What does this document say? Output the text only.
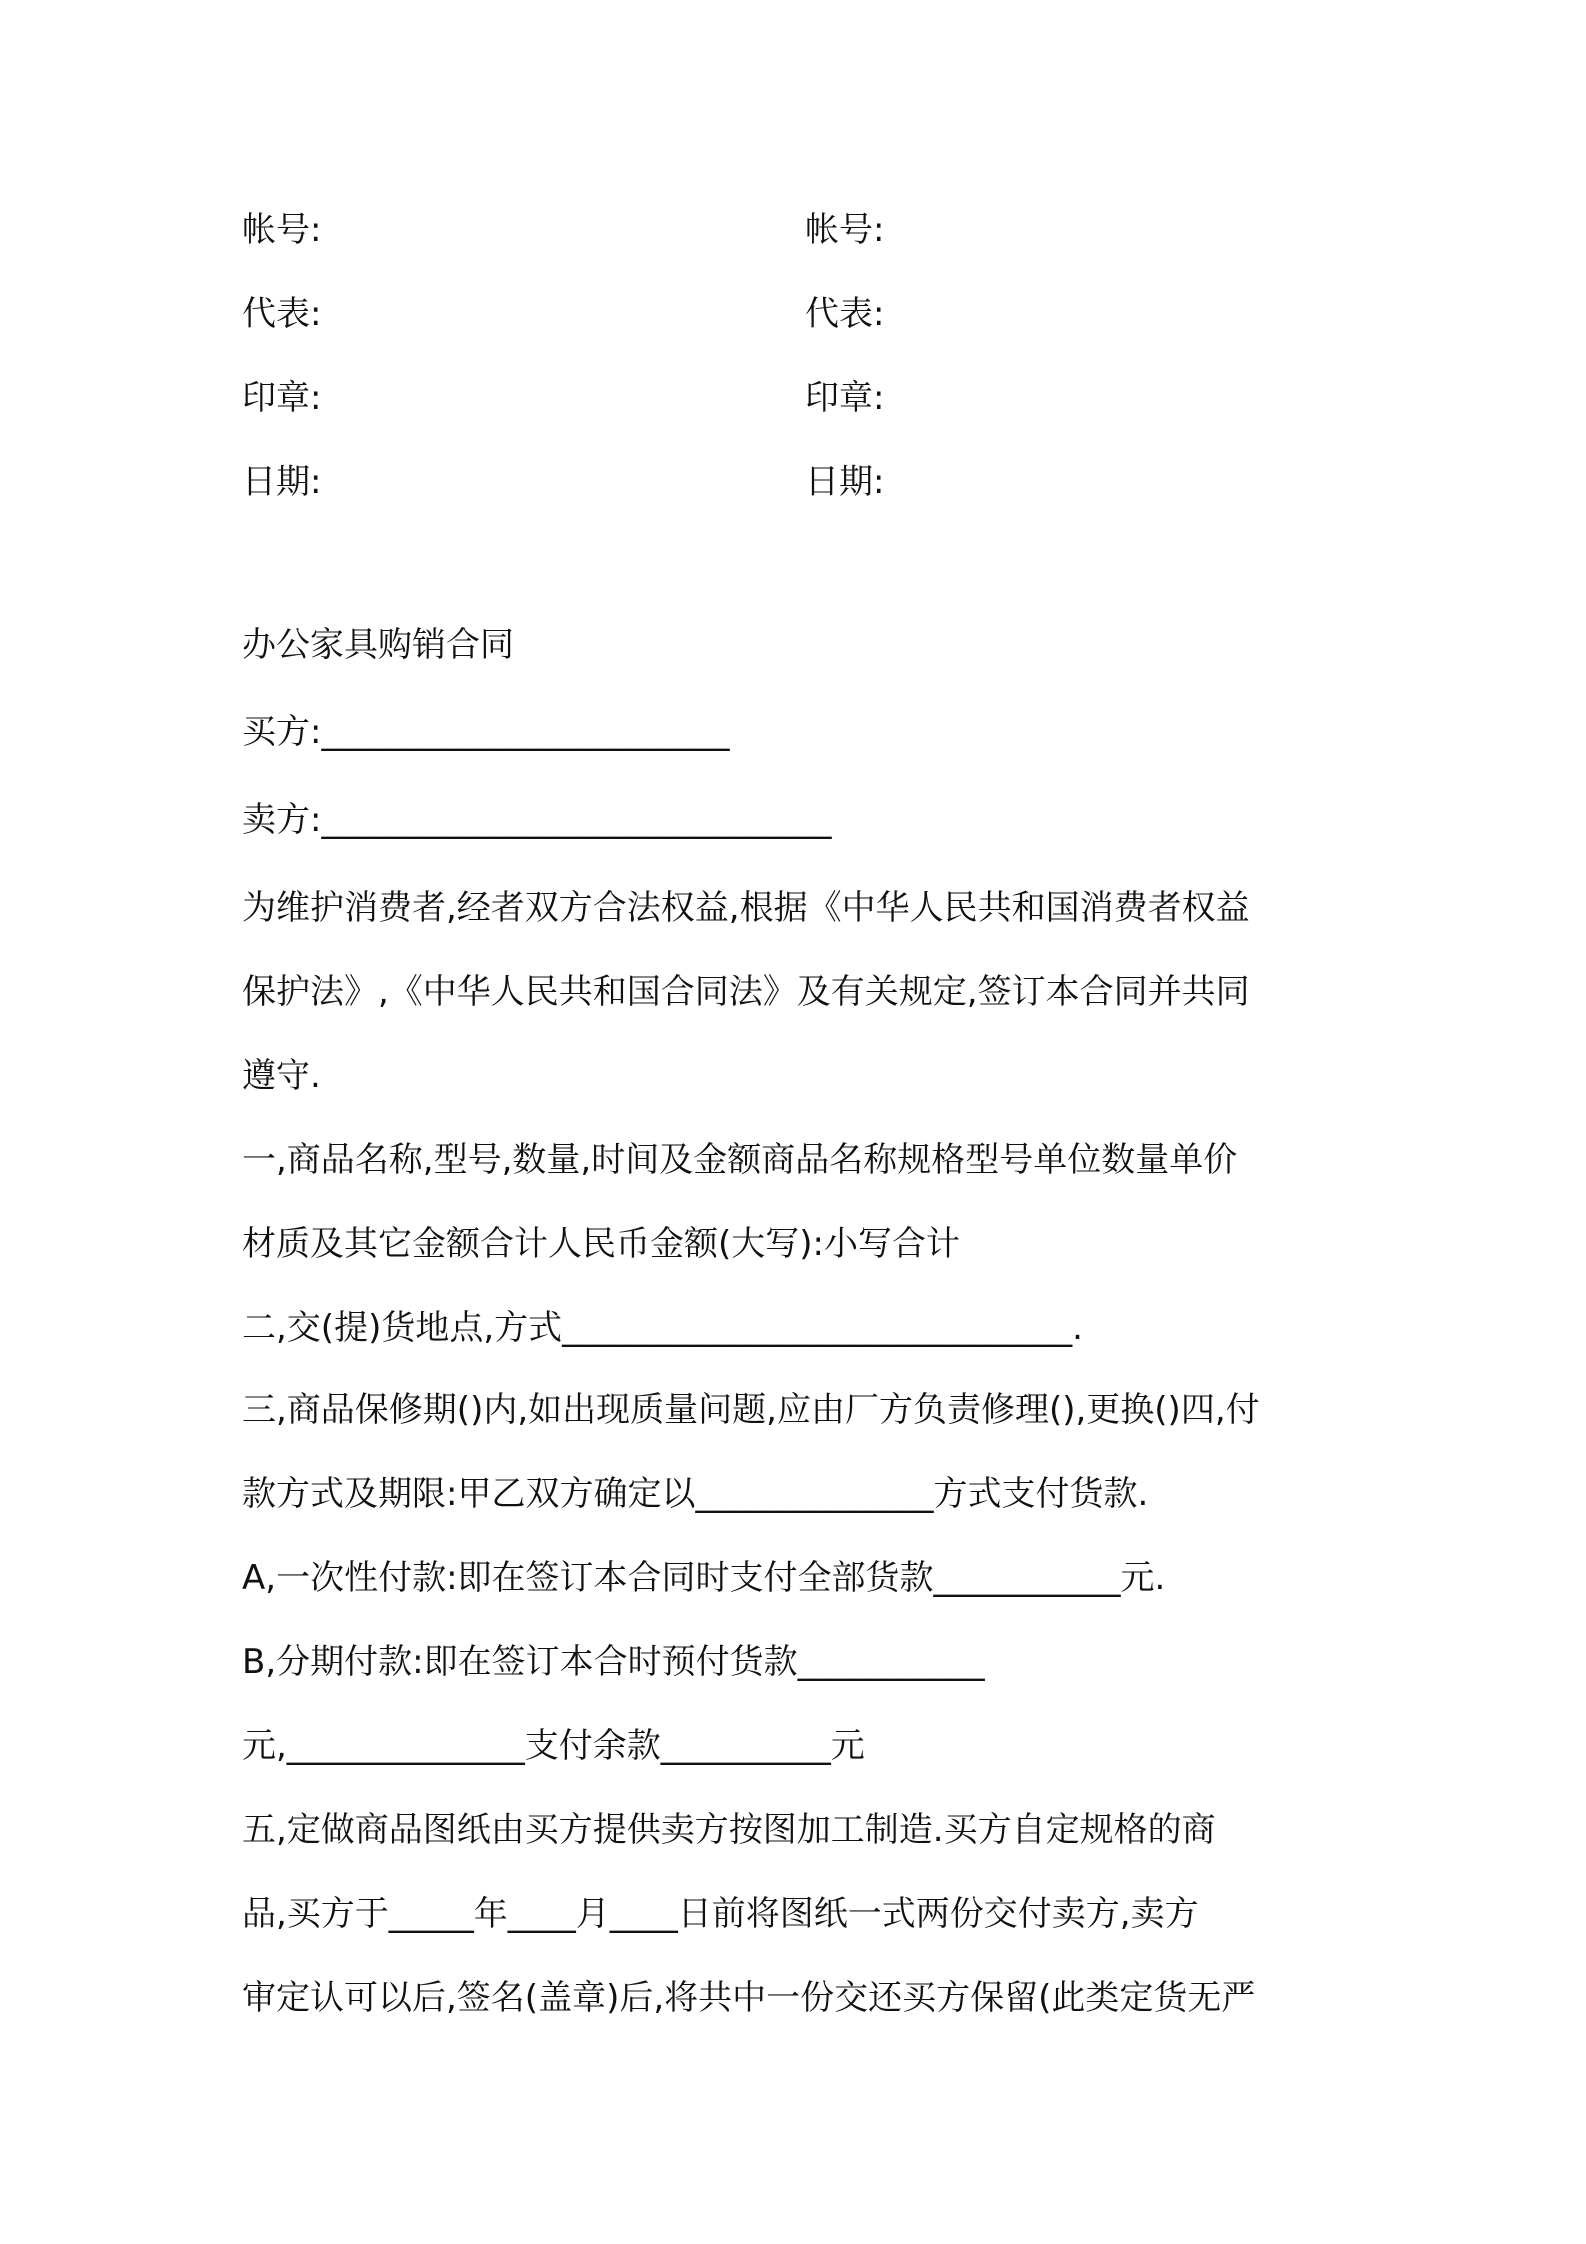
帐号:	帐号:
代表:	代表:
印章:	印章:
日期:	日期:
办公家具购销合同
买方:________________________
卖方:______________________________
为维护消费者,经者双方合法权益,根据《中华人民共和国消费者权益
保护法》,《中华人民共和国合同法》及有关规定,签订本合同并共同
遵守.
一,商品名称,型号,数量,时间及金额商品名称规格型号单位数量单价
材质及其它金额合计人民币金额(大写):小写合计
二,交(提)货地点,方式______________________________.
三,商品保修期()内,如出现质量问题,应由厂方负责修理(),更换()四,付
款方式及期限:甲乙双方确定以______________方式支付货款.
A,一次性付款:即在签订本合同时支付全部货款___________元.
B,分期付款:即在签订本合时预付货款___________
元,______________支付余款__________元
五,定做商品图纸由买方提供卖方按图加工制造.买方自定规格的商
品,买方于_____年____月____日前将图纸一式两份交付卖方,卖方
审定认可以后,签名(盖章)后,将共中一份交还买方保留(此类定货无严
